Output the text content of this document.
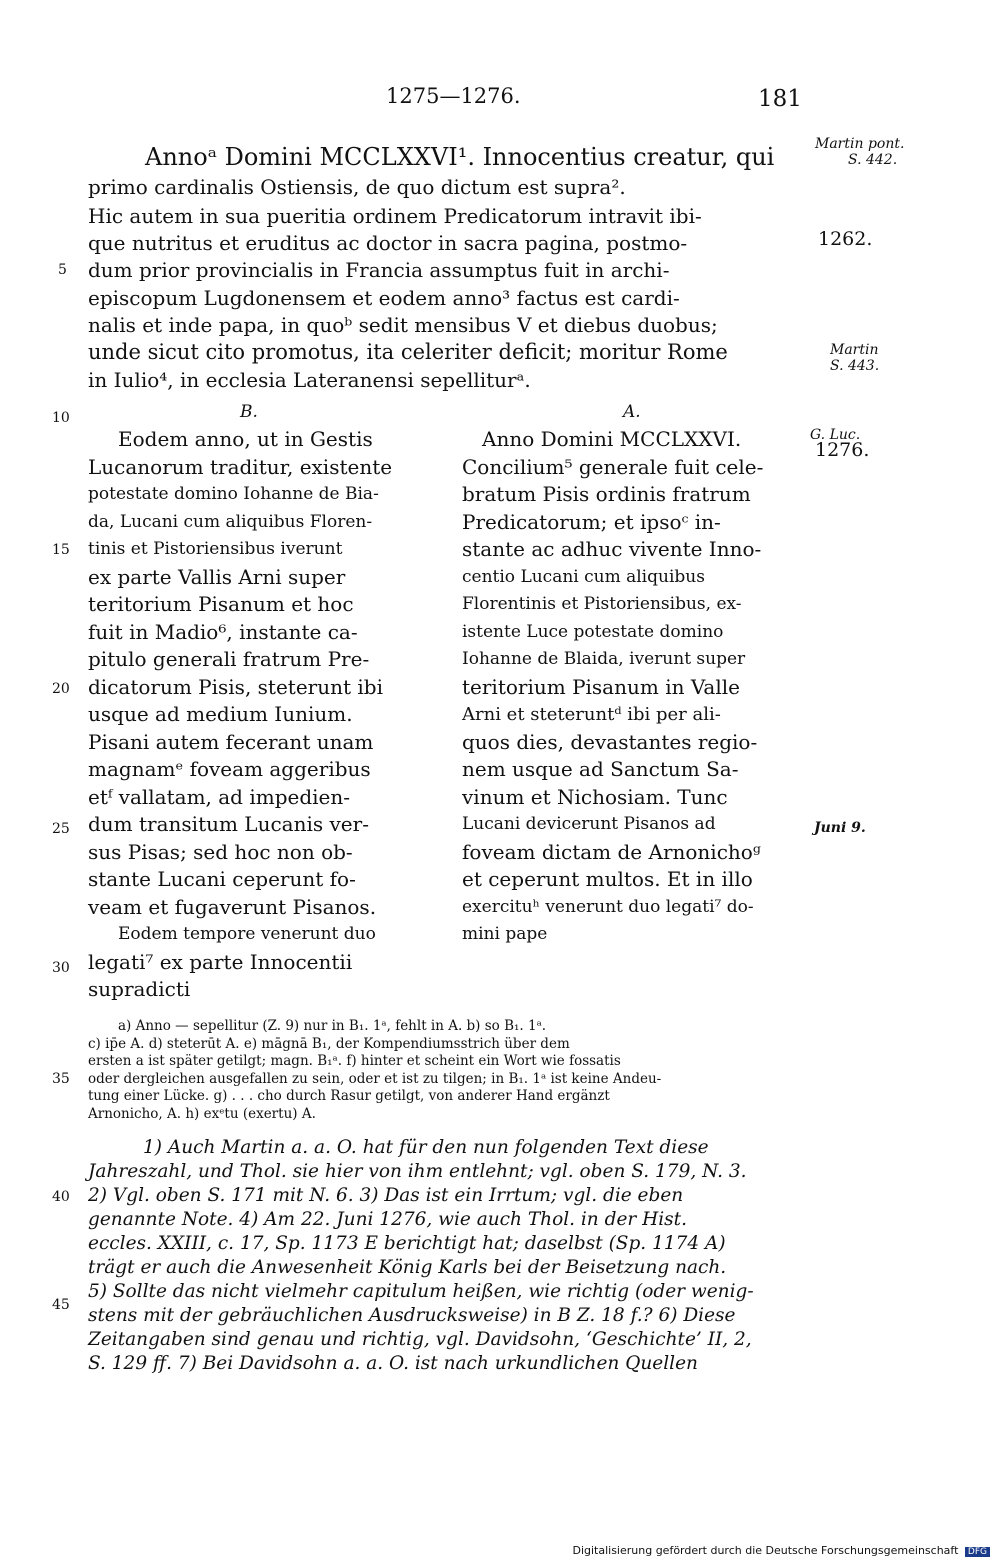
1275—1276.	181
Annoᵃ Domini MCCLXXVI¹. Innocentius creatur, qui
primo cardinalis Ostiensis, de quo dictum est supra².
Hic autem in sua pueritia ordinem Predicatorum intravit ibi-
que nutritus et eruditus ac doctor in sacra pagina, postmo-
dum prior provincialis in Francia assumptus fuit in archi-
episcopum Lugdonensem et eodem anno³ factus est cardi-
nalis et inde papa, in quoᵇ sedit mensibus V et diebus duobus;
unde sicut cito promotus, ita celeriter deficit; moritur Rome
in Iulio⁴, in ecclesia Lateranensi sepelliturᵃ.
Martin pont.
S. 442.
1262.
Martin
S. 443.
G. Luc.
1276.
Juni 9.
5
10
15
20
25
30
35
40
45
B.	A.
Eodem anno, ut in Gestis
Lucanorum traditur, existente
potestate domino Iohanne de Bia-
da, Lucani cum aliquibus Floren-
tinis et Pistoriensibus iverunt
ex parte Vallis Arni super
teritorium Pisanum et hoc
fuit in Madio⁶, instante ca-
pitulo generali fratrum Pre-
dicatorum Pisis, steterunt ibi
usque ad medium Iunium.
Pisani autem fecerant unam
magnamᵉ foveam aggeribus
etᶠ vallatam, ad impedien-
dum transitum Lucanis ver-
sus Pisas; sed hoc non ob-
stante Lucani ceperunt fo-
veam et fugaverunt Pisanos.
Eodem tempore venerunt duo
legati⁷ ex parte Innocentii
supradicti
Anno Domini MCCLXXVI.
Concilium⁵ generale fuit cele-
bratum Pisis ordinis fratrum
Predicatorum; et ipsoᶜ in-
stante ac adhuc vivente Inno-
centio Lucani cum aliquibus
Florentinis et Pistoriensibus, ex-
istente Luce potestate domino
Iohanne de Blaida, iverunt super
teritorium Pisanum in Valle
Arni et steteruntᵈ ibi per ali-
quos dies, devastantes regio-
nem usque ad Sanctum Sa-
vinum et Nichosiam. Tunc
Lucani devicerunt Pisanos ad
foveam dictam de Arnonichoᵍ
et ceperunt multos. Et in illo
exercituʰ venerunt duo legati⁷ do-
mini pape
a) Anno — sepellitur (Z. 9) nur in B₁. 1ᵃ, fehlt in A. b) so B₁. 1ᵃ.
c) ip̄e A. d) steterūt A. e) māgnā B₁, der Kompendiumsstrich über dem
ersten a ist später getilgt; magn. B₁ᵃ. f) hinter et scheint ein Wort wie fossatis
oder dergleichen ausgefallen zu sein, oder et ist zu tilgen; in B₁. 1ᵃ ist keine Andeu-
tung einer Lücke. g) . . . cho durch Rasur getilgt, von anderer Hand ergänzt
Arnonicho, A. h) exᵉtu (exertu) A.
1) Auch Martin a. a. O. hat für den nun folgenden Text diese
Jahreszahl, und Thol. sie hier von ihm entlehnt; vgl. oben S. 179, N. 3.
2) Vgl. oben S. 171 mit N. 6. 3) Das ist ein Irrtum; vgl. die eben
genannte Note. 4) Am 22. Juni 1276, wie auch Thol. in der Hist.
eccles. XXIII, c. 17, Sp. 1173 E berichtigt hat; daselbst (Sp. 1174 A)
trägt er auch die Anwesenheit König Karls bei der Beisetzung nach.
5) Sollte das nicht vielmehr capitulum heißen, wie richtig (oder wenig-
stens mit der gebräuchlichen Ausdrucksweise) in B Z. 18 f.? 6) Diese
Zeitangaben sind genau und richtig, vgl. Davidsohn, ‘Geschichte’ II, 2,
S. 129 ff. 7) Bei Davidsohn a. a. O. ist nach urkundlichen Quellen
Digitalisierung gefördert durch die Deutsche Forschungsgemeinschaft DFG
